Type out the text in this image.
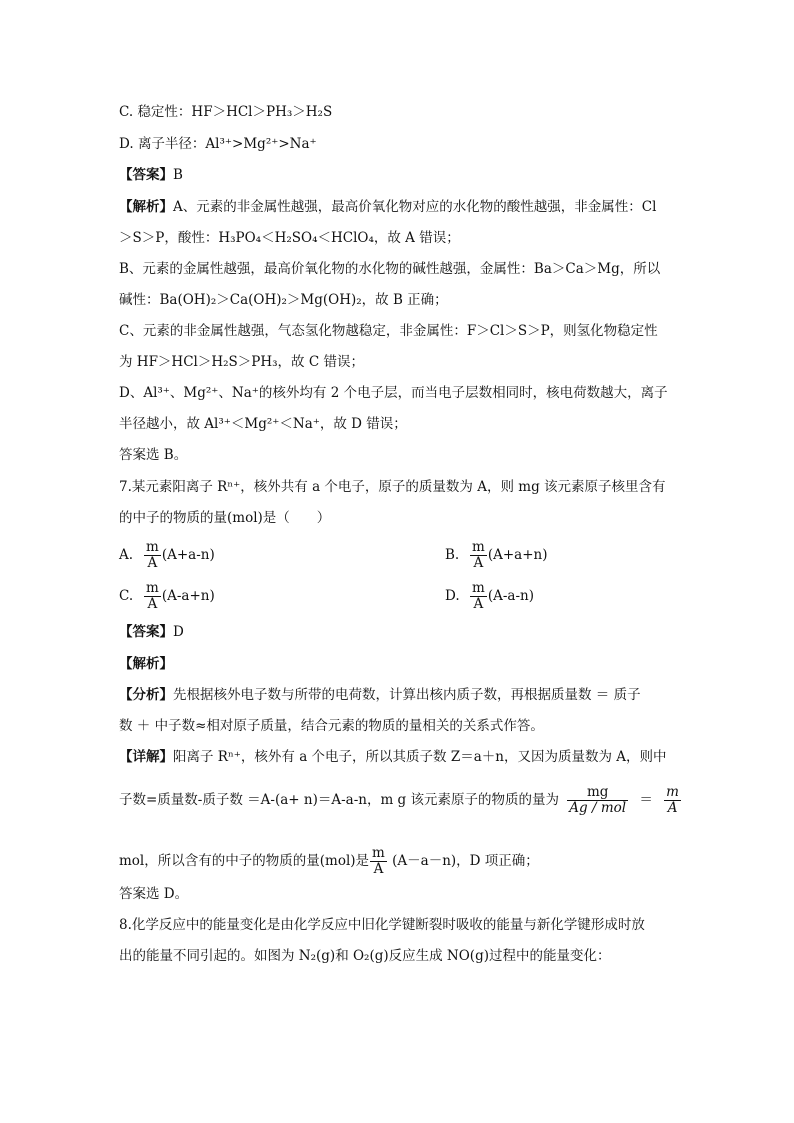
C. 稳定性：HF＞HCl＞PH₃＞H₂S
D. 离子半径：Al³⁺>Mg²⁺>Na⁺
【答案】B
【解析】A、元素的非金属性越强，最高价氧化物对应的水化物的酸性越强，非金属性：Cl
＞S＞P，酸性：H₃PO₄＜H₂SO₄＜HClO₄，故 A 错误；
B、元素的金属性越强，最高价氧化物的水化物的碱性越强，金属性：Ba＞Ca＞Mg，所以
碱性：Ba(OH)₂＞Ca(OH)₂＞Mg(OH)₂，故 B 正确；
C、元素的非金属性越强，气态氢化物越稳定，非金属性：F＞Cl＞S＞P，则氢化物稳定性
为 HF＞HCl＞H₂S＞PH₃，故 C 错误；
D、Al³⁺、Mg²⁺、Na⁺的核外均有 2 个电子层，而当电子层数相同时，核电荷数越大，离子
半径越小，故 Al³⁺＜Mg²⁺＜Na⁺，故 D 错误；
答案选 B。
7.某元素阳离子 Rⁿ⁺，核外共有 a 个电子，原子的质量数为 A，则 mg 该元素原子核里含有
的中子的物质的量(mol)是（　　）
A. $\frac{m}{A} (A+a-n)$	B. $\frac{m}{A} (A+a+n)$
C. $\frac{m}{A} (A-a+n)$	D. $\frac{m}{A} (A-a-n)$
【答案】D
【解析】
【分析】先根据核外电子数与所带的电荷数，计算出核内质子数，再根据质量数 ＝ 质子
数 ＋ 中子数≈相对原子质量，结合元素的物质的量相关的关系式作答。
【详解】阳离子 Rⁿ⁺，核外有 a 个电子，所以其质子数 Z＝a＋n，又因为质量数为 A，则中
子数=质量数-质子数 ＝A-(a+ n)＝A-a-n，m g 该元素原子的物质的量为 $\frac{mg}{\text{Ag / mol}} = \frac{m}{A}$
mol，所以含有的中子的物质的量(mol)是 $\frac{m}{A} (A-a-n)$，D 项正确；
答案选 D。
8.化学反应中的能量变化是由化学反应中旧化学键断裂时吸收的能量与新化学键形成时放
出的能量不同引起的。如图为 N₂(g)和 O₂(g)反应生成 NO(g)过程中的能量变化：
